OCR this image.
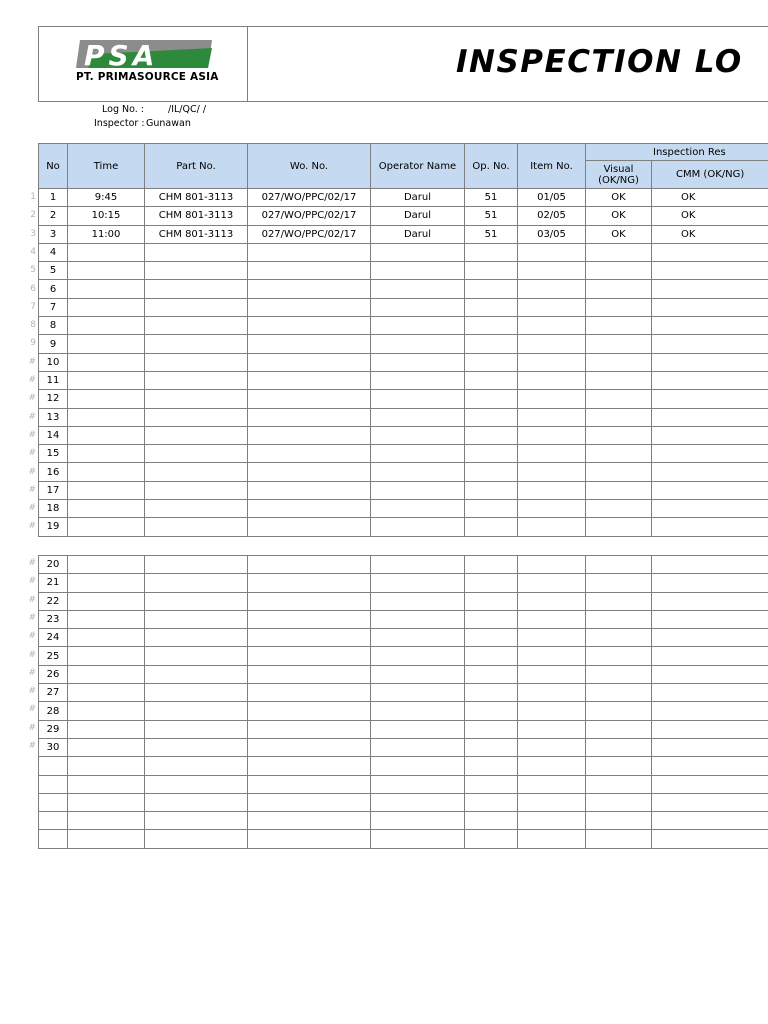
PSA
PT. PRIMASOURCE ASIA	INSPECTION LO
Log No. :	/IL/QC/ /
Inspector : Gunawan
1
2
3
4
5
6
7
8
9
#
#
#
#
#
#
#
#
#
#
#
#
#
#
#
#
#
#
#
#
#
No	Time	Part No.	Wo. No.	Operator Name	Op. No.	Item No.	Inspection Res	
							Visual (OK/NG)	CMM (OK/NG)
1	9:45	CHM 801-3113	027/WO/PPC/02/17	Darul	51	01/05	OK	OK
2	10:15	CHM 801-3113	027/WO/PPC/02/17	Darul	51	02/05	OK	OK
3	11:00	CHM 801-3113	027/WO/PPC/02/17	Darul	51	03/05	OK	OK
4								
5								
6								
7								
8								
9								
10								
11								
12								
13								
14								
15								
16								
17								
18								
19								
20								
21								
22								
23								
24								
25								
26								
27								
28								
29								
30								
